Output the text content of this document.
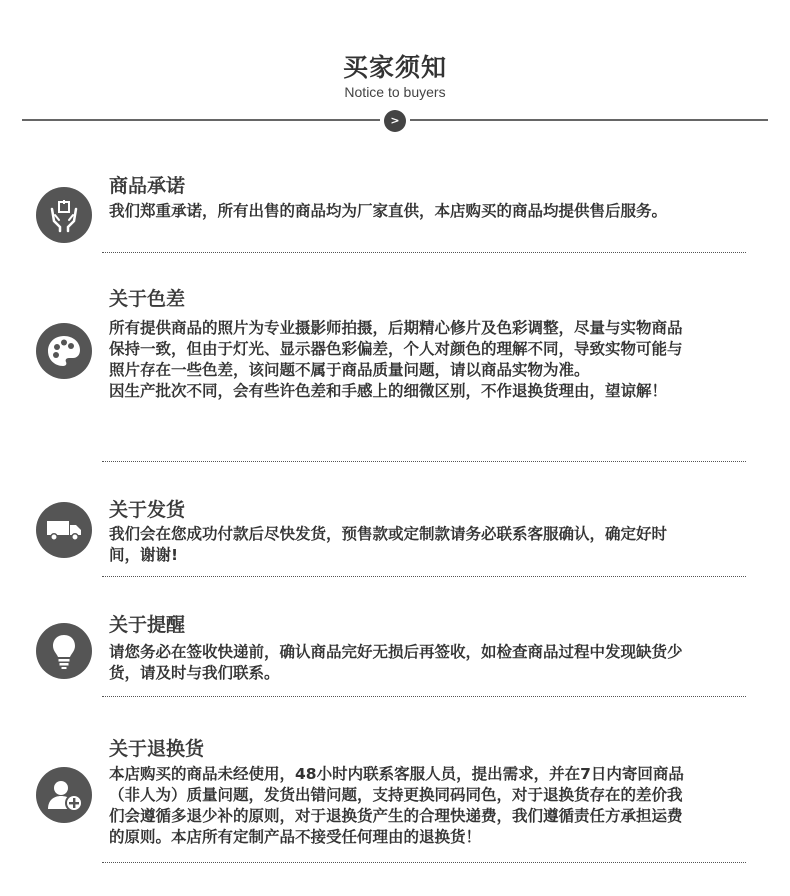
买家须知
Notice to buyers
>
商品承诺

我们郑重承诺，所有出售的商品均为厂家直供，本店购买的商品均提供售后服务。

关于色差

所有提供商品的照片为专业摄影师拍摄，后期精心修片及色彩调整，尽量与实物商品保持一致，但由于灯光、显示器色彩偏差，个人对颜色的理解不同，导致实物可能与照片存在一些色差，该问题不属于商品质量问题，请以商品实物为准。

因生产批次不同，会有些许色差和手感上的细微区别，不作退换货理由，望谅解！

关于发货

我们会在您成功付款后尽快发货，预售款或定制款请务必联系客服确认，确定好时间，谢谢!

关于提醒

请您务必在签收快递前，确认商品完好无损后再签收，如检查商品过程中发现缺货少货，请及时与我们联系。

关于退换货

本店购买的商品未经使用，48小时内联系客服人员，提出需求，并在7日内寄回商品（非人为）质量问题，发货出错问题，支持更换同码同色，对于退换货存在的差价我们会遵循多退少补的原则，对于退换货产生的合理快递费，我们遵循责任方承担运费的原则。本店所有定制产品不接受任何理由的退换货！
